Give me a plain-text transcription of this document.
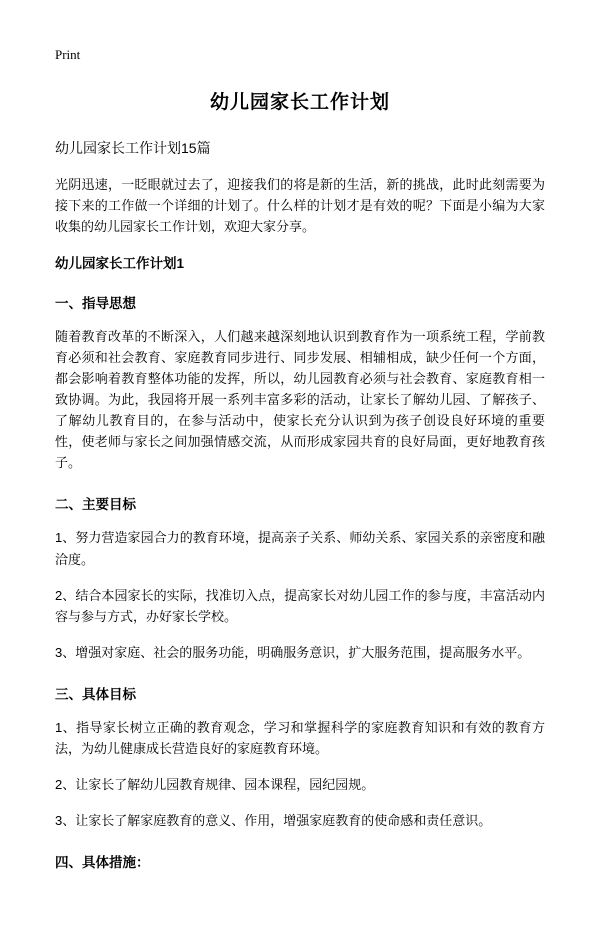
Print
幼儿园家长工作计划
幼儿园家长工作计划15篇

光阴迅速，一眨眼就过去了，迎接我们的将是新的生活，新的挑战，此时此刻需要为接下来的工作做一个详细的计划了。什么样的计划才是有效的呢？下面是小编为大家收集的幼儿园家长工作计划，欢迎大家分享。

幼儿园家长工作计划1
一、指导思想

随着教育改革的不断深入，人们越来越深刻地认识到教育作为一项系统工程，学前教育必须和社会教育、家庭教育同步进行、同步发展、相辅相成，缺少任何一个方面，都会影响着教育整体功能的发挥，所以，幼儿园教育必须与社会教育、家庭教育相一致协调。为此，我园将开展一系列丰富多彩的活动，让家长了解幼儿园、了解孩子、了解幼儿教育目的，在参与活动中，使家长充分认识到为孩子创设良好环境的重要性，使老师与家长之间加强情感交流，从而形成家园共育的良好局面，更好地教育孩子。

二、主要目标

1、努力营造家园合力的教育环境，提高亲子关系、师幼关系、家园关系的亲密度和融洽度。

2、结合本园家长的实际，找准切入点，提高家长对幼儿园工作的参与度，丰富活动内容与参与方式，办好家长学校。

3、增强对家庭、社会的服务功能，明确服务意识，扩大服务范围，提高服务水平。

三、具体目标

1、指导家长树立正确的教育观念，学习和掌握科学的家庭教育知识和有效的教育方法，为幼儿健康成长营造良好的家庭教育环境。

2、让家长了解幼儿园教育规律、园本课程，园纪园规。

3、让家长了解家庭教育的意义、作用，增强家庭教育的使命感和责任意识。

四、具体措施：
